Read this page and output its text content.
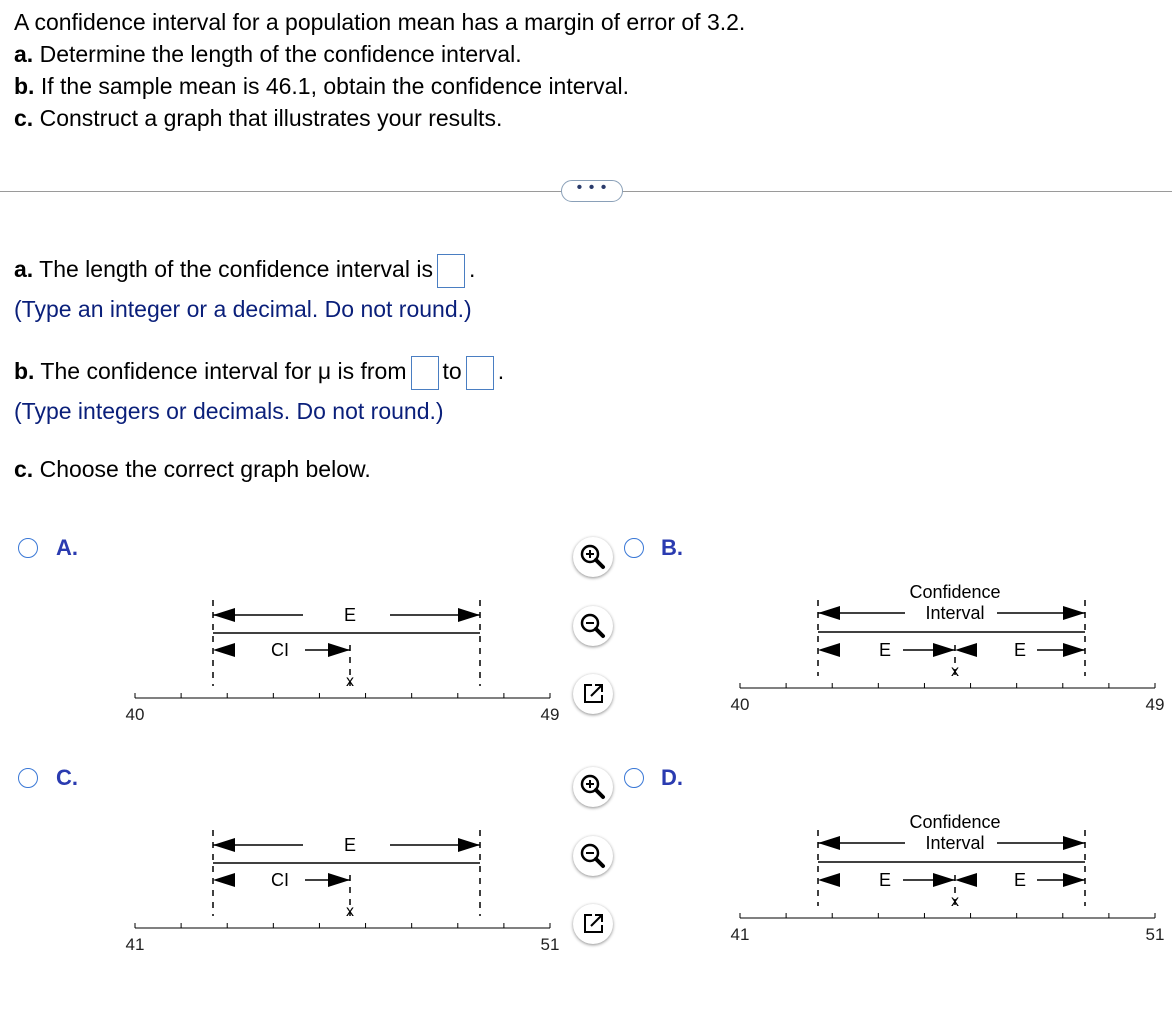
A confidence interval for a population mean has a margin of error of 3.2.
a. Determine the length of the confidence interval.
b. If the sample mean is 46.1, obtain the confidence interval.
c. Construct a graph that illustrates your results.
• • •
a. The length of the confidence interval is .
(Type an integer or a decimal. Do not round.)
b. The confidence interval for μ is from to .
(Type integers or decimals. Do not round.)
c. Choose the correct graph below.
A.	B.
C.	D.
40	49
E
CI
x
40	49
Confidence
Interval
E	E
x
41	51
E
CI
x
41	51
Confidence
Interval
E	E
x
